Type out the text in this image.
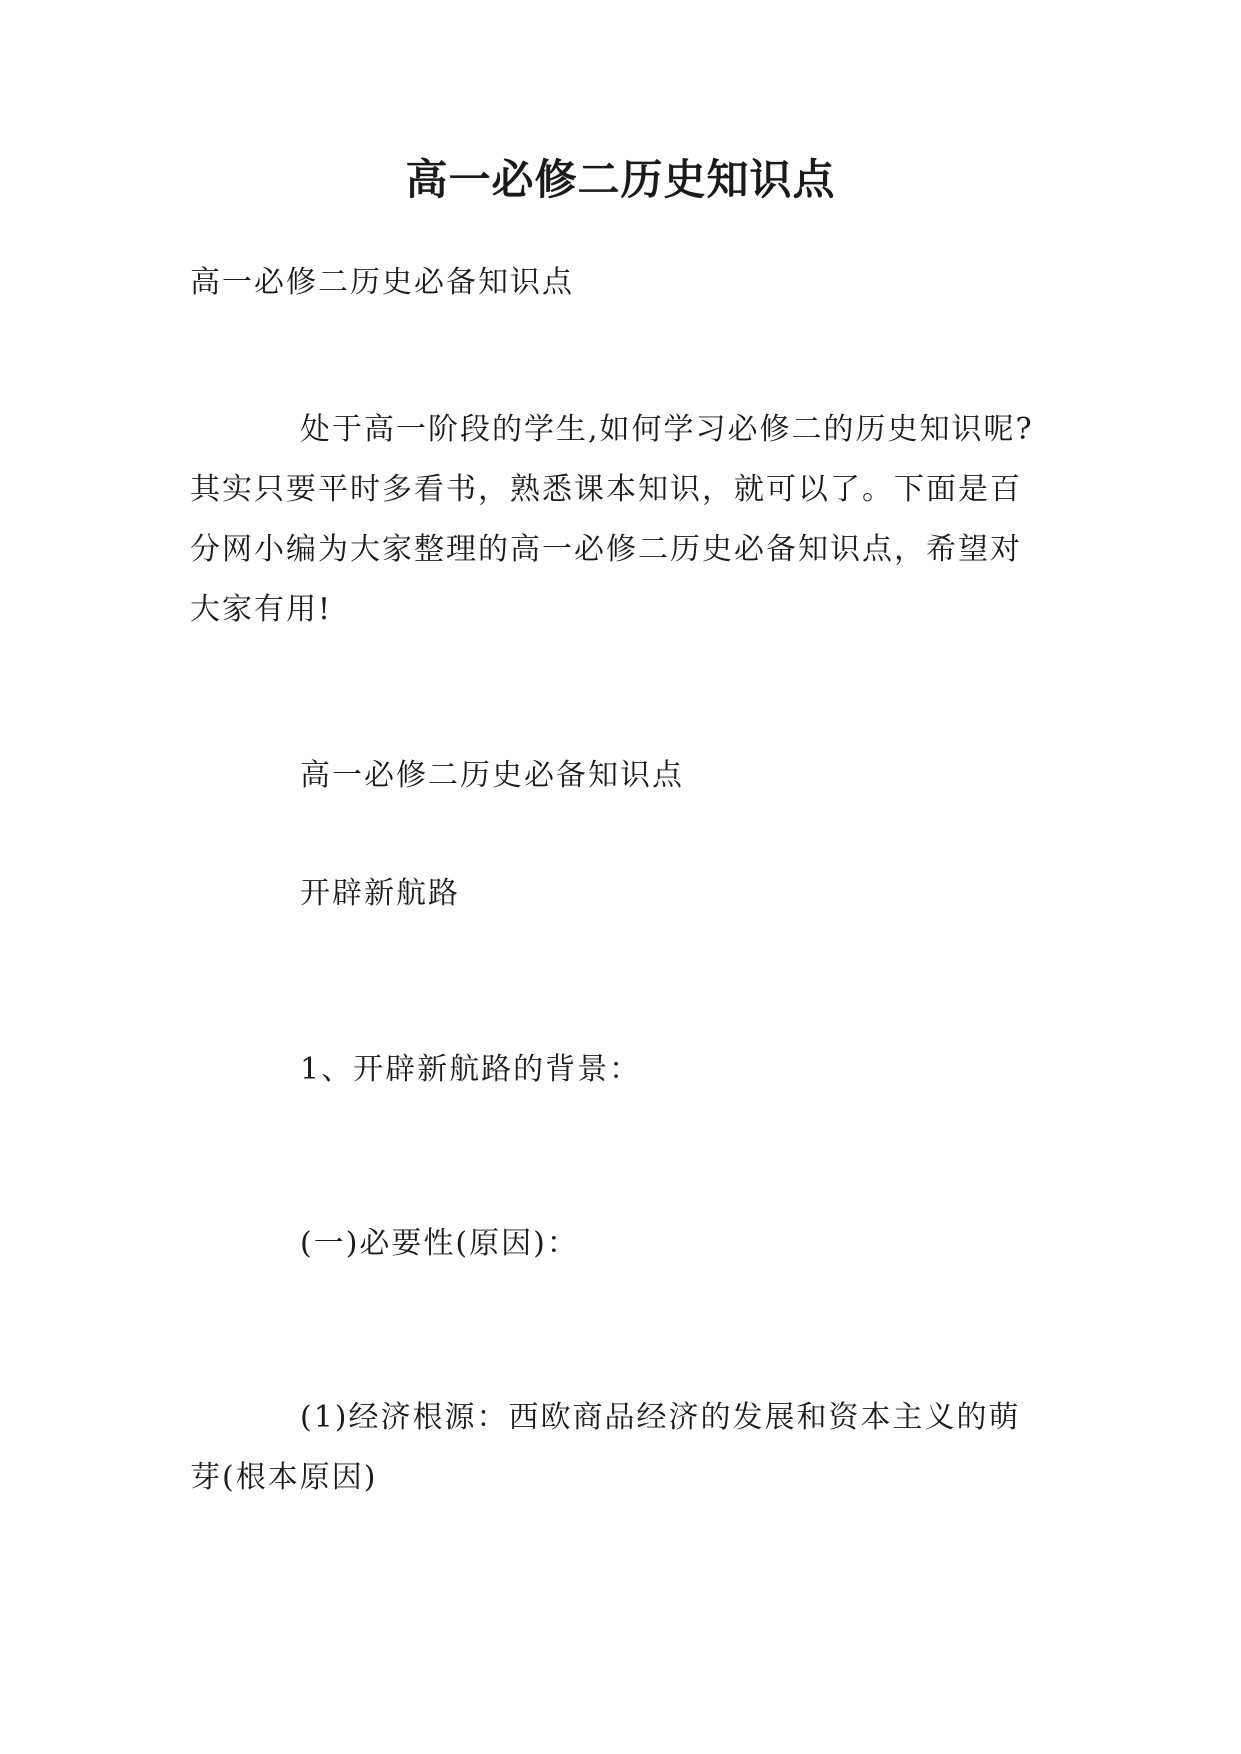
高一必修二历史知识点

高一必修二历史必备知识点

处于高一阶段的学生,如何学习必修二的历史知识呢?

其实只要平时多看书，熟悉课本知识，就可以了。下面是百

分网小编为大家整理的高一必修二历史必备知识点，希望对

大家有用!

高一必修二历史必备知识点

开辟新航路

1、开辟新航路的背景：

(一)必要性(原因)：

(1)经济根源：西欧商品经济的发展和资本主义的萌

芽(根本原因)
